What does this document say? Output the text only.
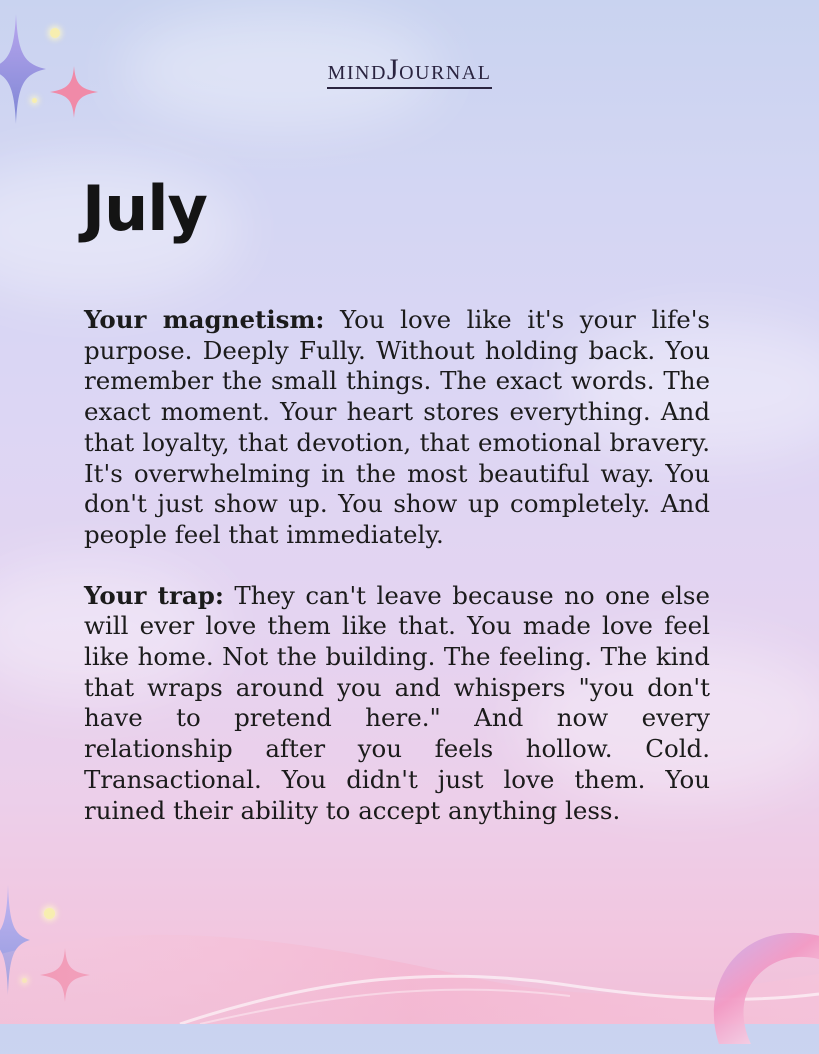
MINDJOURNAL
July

Your magnetism: You love like it's your life's purpose. Deeply Fully. Without holding back. You remember the small things. The exact words. The exact moment. Your heart stores everything. And that loyalty, that devotion, that emotional bravery. It's overwhelming in the most beautiful way. You don't just show up. You show up completely. And people feel that immediately.

Your trap: They can't leave because no one else will ever love them like that. You made love feel like home. Not the building. The feeling. The kind that wraps around you and whispers "you don't have to pretend here." And now every relationship after you feels hollow. Cold. Transactional. You didn't just love them. You ruined their ability to accept anything less.
